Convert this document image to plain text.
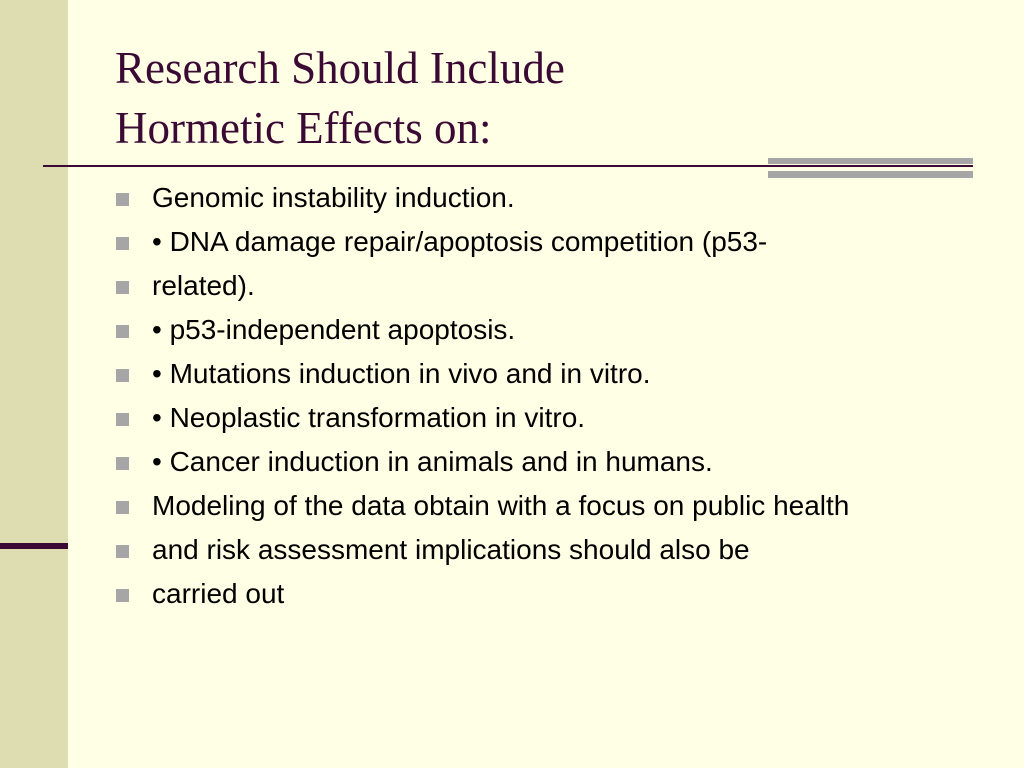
Research Should Include
Hormetic Effects on:
Genomic instability induction.
• DNA damage repair/apoptosis competition (p53-
related).
• p53-independent apoptosis.
• Mutations induction in vivo and in vitro.
• Neoplastic transformation in vitro.
• Cancer induction in animals and in humans.
Modeling of the data obtain with a focus on public health
and risk assessment implications should also be
carried out
